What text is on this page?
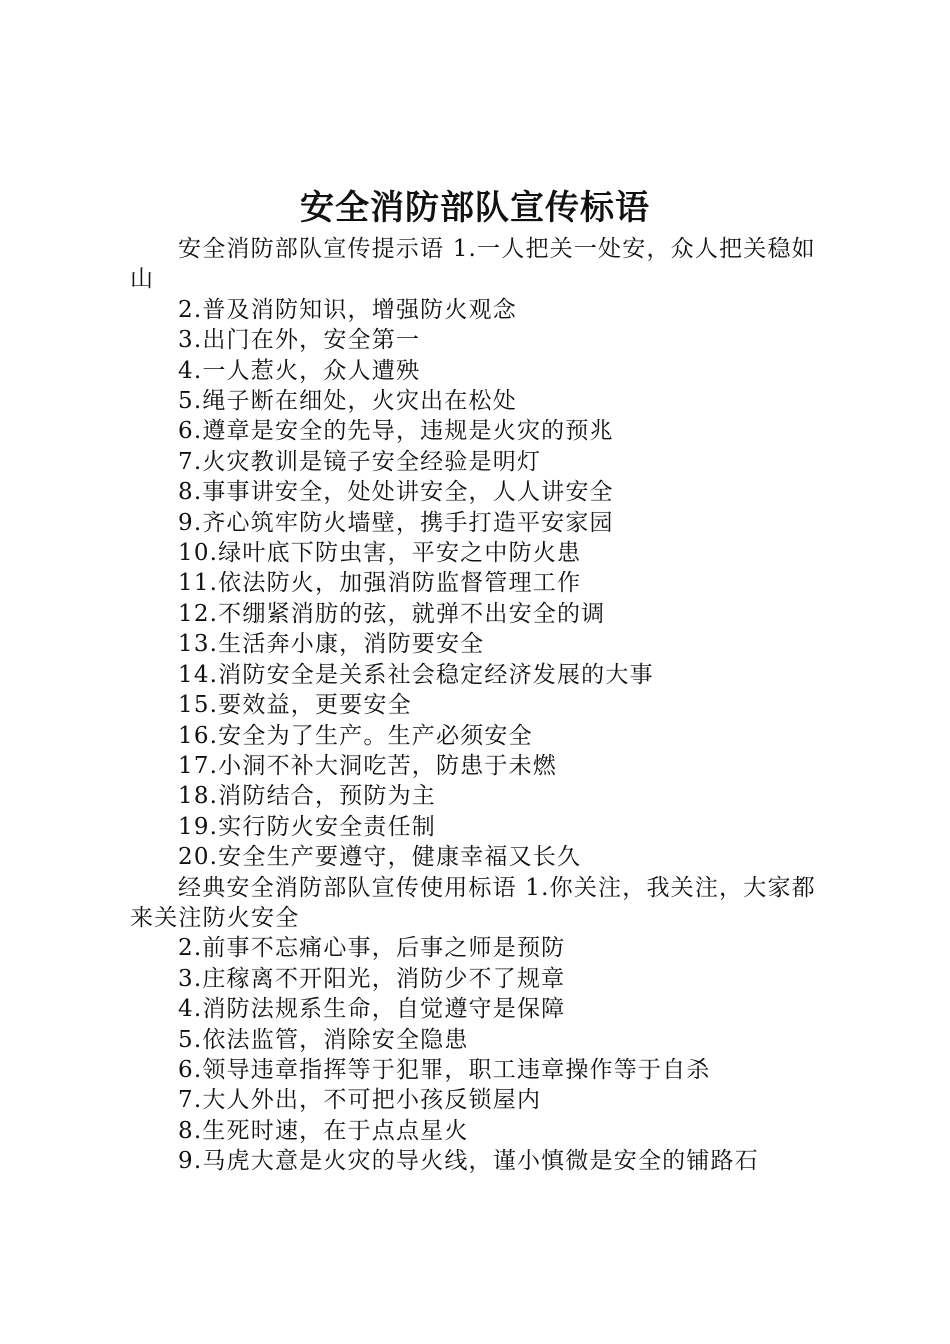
安全消防部队宣传标语

安全消防部队宣传提示语 1.一人把关一处安，众人把关稳如山

2.普及消防知识，增强防火观念

3.出门在外，安全第一

4.一人惹火，众人遭殃

5.绳子断在细处，火灾出在松处

6.遵章是安全的先导，违规是火灾的预兆

7.火灾教训是镜子安全经验是明灯

8.事事讲安全，处处讲安全，人人讲安全

9.齐心筑牢防火墙壁，携手打造平安家园

10.绿叶底下防虫害，平安之中防火患

11.依法防火，加强消防监督管理工作

12.不绷紧消肪的弦，就弹不出安全的调

13.生活奔小康，消防要安全

14.消防安全是关系社会稳定经济发展的大事

15.要效益，更要安全

16.安全为了生产。生产必须安全

17.小洞不补大洞吃苦，防患于未燃

18.消防结合，预防为主

19.实行防火安全责任制

20.安全生产要遵守，健康幸福又长久

经典安全消防部队宣传使用标语 1.你关注，我关注，大家都来关注防火安全

2.前事不忘痛心事，后事之师是预防

3.庄稼离不开阳光，消防少不了规章

4.消防法规系生命，自觉遵守是保障

5.依法监管，消除安全隐患

6.领导违章指挥等于犯罪，职工违章操作等于自杀

7.大人外出，不可把小孩反锁屋内

8.生死时速，在于点点星火

9.马虎大意是火灾的导火线，谨小慎微是安全的铺路石
